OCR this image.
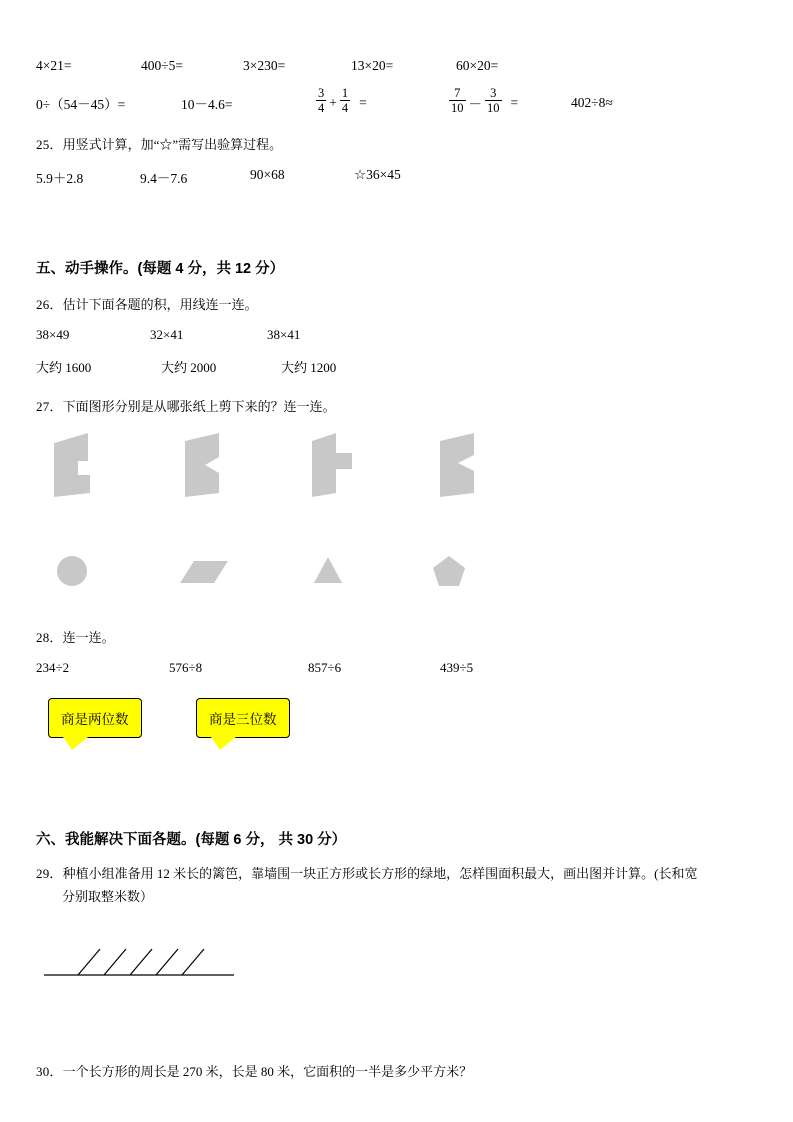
4×21=	400÷5=	3×230=	13×20=	60×20=
0÷（54－45）=	10－4.6=	$\frac{3}{4} + \frac{1}{4}$ =	$\frac{7}{10} - \frac{3}{10}$ =	402÷8≈
25． 用竖式计算，加“☆”需写出验算过程。
5.9＋2.8	9.4－7.6	90×68	☆36×45
五、动手操作。(每题 4 分，共 12 分）
26． 估计下面各题的积，用线连一连。
38×49	32×41	38×41
大约 1600	大约 2000	大约 1200
27． 下面图形分别是从哪张纸上剪下来的？连一连。
28． 连一连。
234÷2	576÷8	857÷6	439÷5
商是两位数	商是三位数
六、我能解决下面各题。(每题 6 分， 共 30 分）
29． 种植小组准备用 12 米长的篱笆，靠墙围一块正方形或长方形的绿地，怎样围面积最大，画出图并计算。(长和宽
分别取整米数）
30． 一个长方形的周长是 270 米，长是 80 米，它面积的一半是多少平方米？
